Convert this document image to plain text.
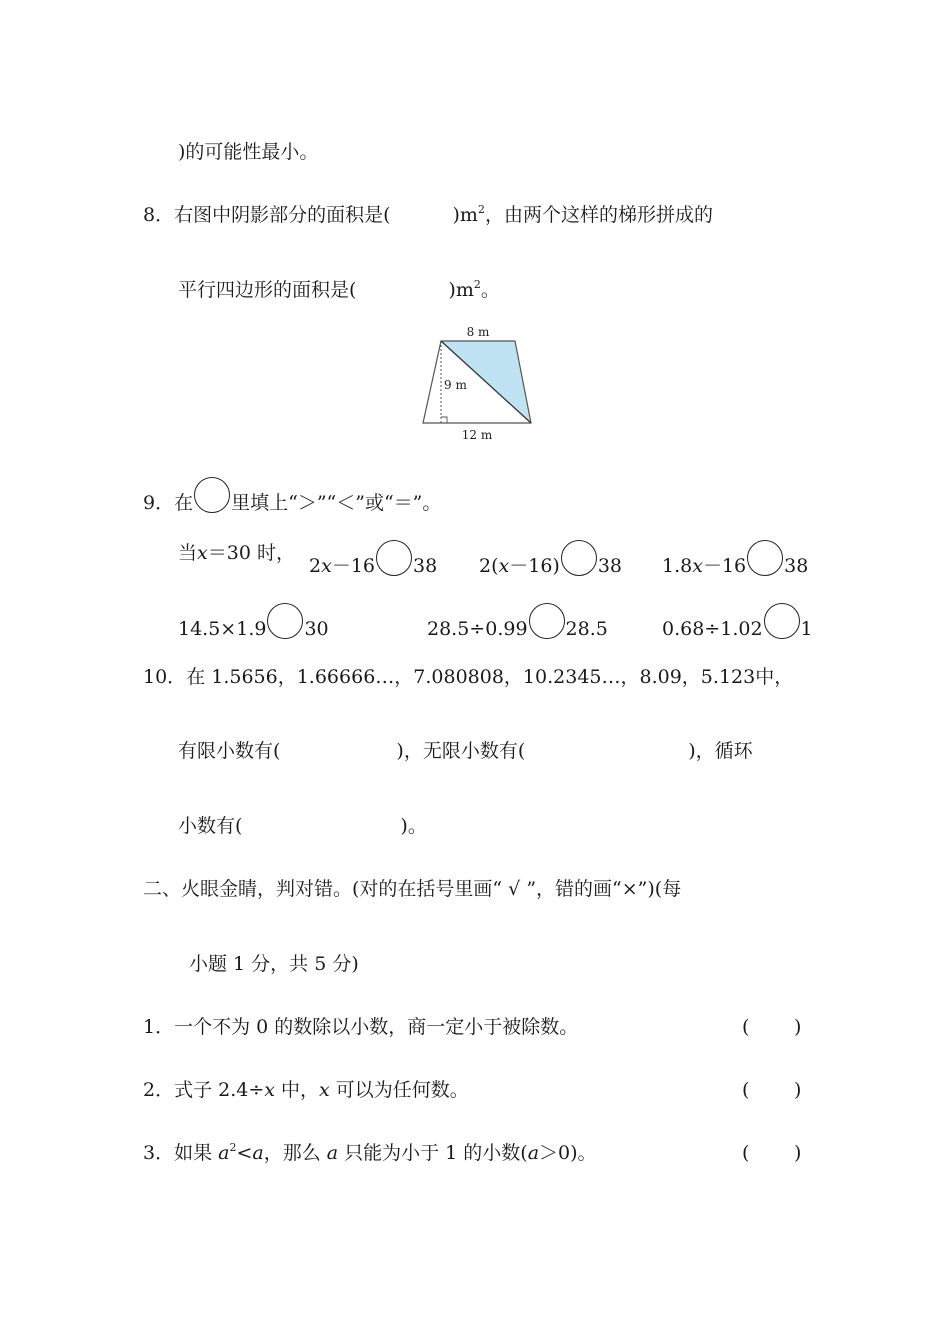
)的可能性最小。
8．右图中阴影部分的面积是(	)$m^2$，由两个这样的梯形拼成的
平行四边形的面积是(	)$m^2$。
8 m
9 m
12 m
9．在 里填上“＞”“＜”或“＝”。
当x＝30 时，
2x－16 38 2(x－16) 38 1.8x－16 38
14.5×1.9 30	28.5÷0.99 28.5	0.68÷1.02 1
10．在 1.5656，1.66666…，7.080808，10.2345…，8.09，5.123中，
有限小数有(	)，无限小数有(	)，循环
小数有(	)。
二、火眼金睛，判对错。(对的在括号里画“ √ ”，错的画“×”)(每
小题 1 分，共 5 分)
1．一个不为 0 的数除以小数，商一定小于被除数。	( )
2．式子 2.4÷x 中，x 可以为任何数。	( )
3．如果 $a^2<a$，那么 a 只能为小于 1 的小数(a＞0)。	( )
